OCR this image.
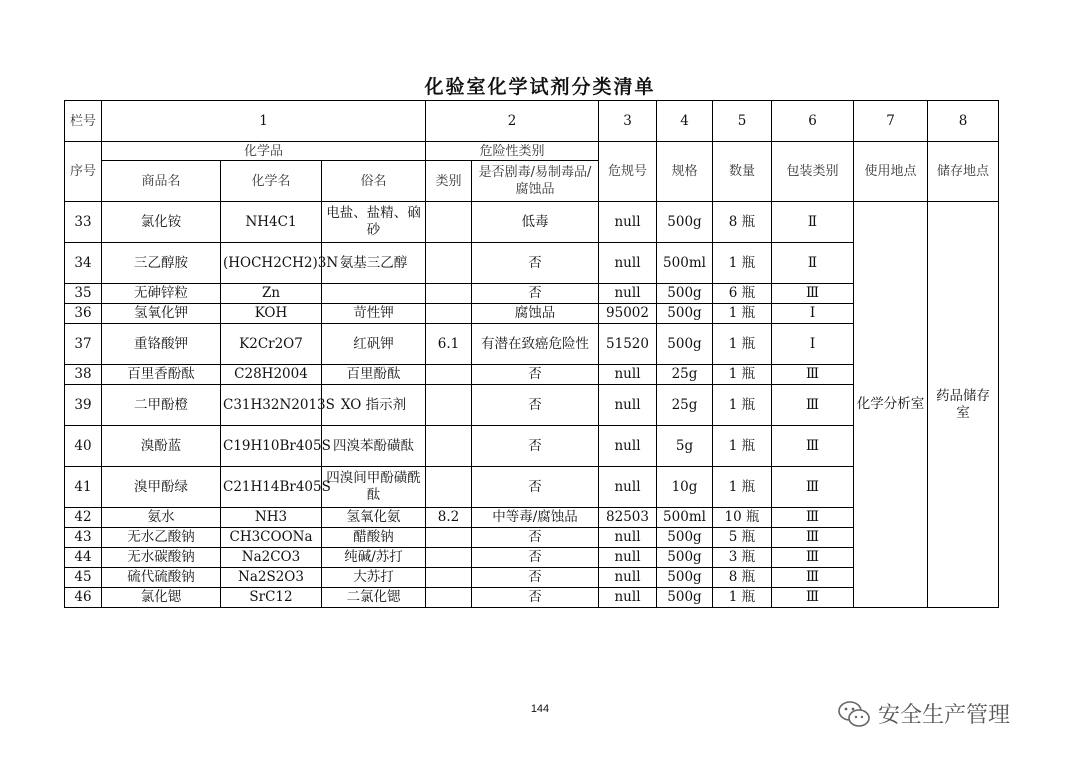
化验室化学试剂分类清单
栏号	1			2		3	4	5	6	7	8
序号	化学品			危险性类别		危规号	规格	数量	包装类别	使用地点	储存地点
	商品名	化学名	俗名	类别	是否剧毒/易制毒品/腐蚀品						
33	氯化铵	NH4C1	电盐、盐精、硇砂		低毒	null	500g	8 瓶	Ⅱ	化学分析室	药品储存室
34	三乙醇胺	(HOCH2CH2)3N	氨基三乙醇		否	null	500ml	1 瓶	Ⅱ		
35	无砷锌粒	Zn			否	null	500g	6 瓶	Ⅲ		
36	氢氧化钾	KOH	苛性钾		腐蚀品	95002	500g	1 瓶	Ⅰ		
37	重铬酸钾	K2Cr2O7	红矾钾	6.1	有潜在致癌危险性	51520	500g	1 瓶	Ⅰ		
38	百里香酚酞	C28H2004	百里酚酞		否	null	25g	1 瓶	Ⅲ		
39	二甲酚橙	C31H32N2013S	XO 指示剂		否	null	25g	1 瓶	Ⅲ		
40	溴酚蓝	C19H10Br405S	四溴苯酚磺酞		否	null	5g	1 瓶	Ⅲ		
41	溴甲酚绿	C21H14Br405S	四溴间甲酚磺酰酞		否	null	10g	1 瓶	Ⅲ		
42	氨水	NH3	氢氧化氨	8.2	中等毒/腐蚀品	82503	500ml	10 瓶	Ⅲ		
43	无水乙酸钠	CH3COONa	醋酸钠		否	null	500g	5 瓶	Ⅲ		
44	无水碳酸钠	Na2CO3	纯碱/苏打		否	null	500g	3 瓶	Ⅲ		
45	硫代硫酸钠	Na2S2O3	大苏打		否	null	500g	8 瓶	Ⅲ		
46	氯化锶	SrC12	二氯化锶		否	null	500g	1 瓶	Ⅲ		
144	安全生产管理
